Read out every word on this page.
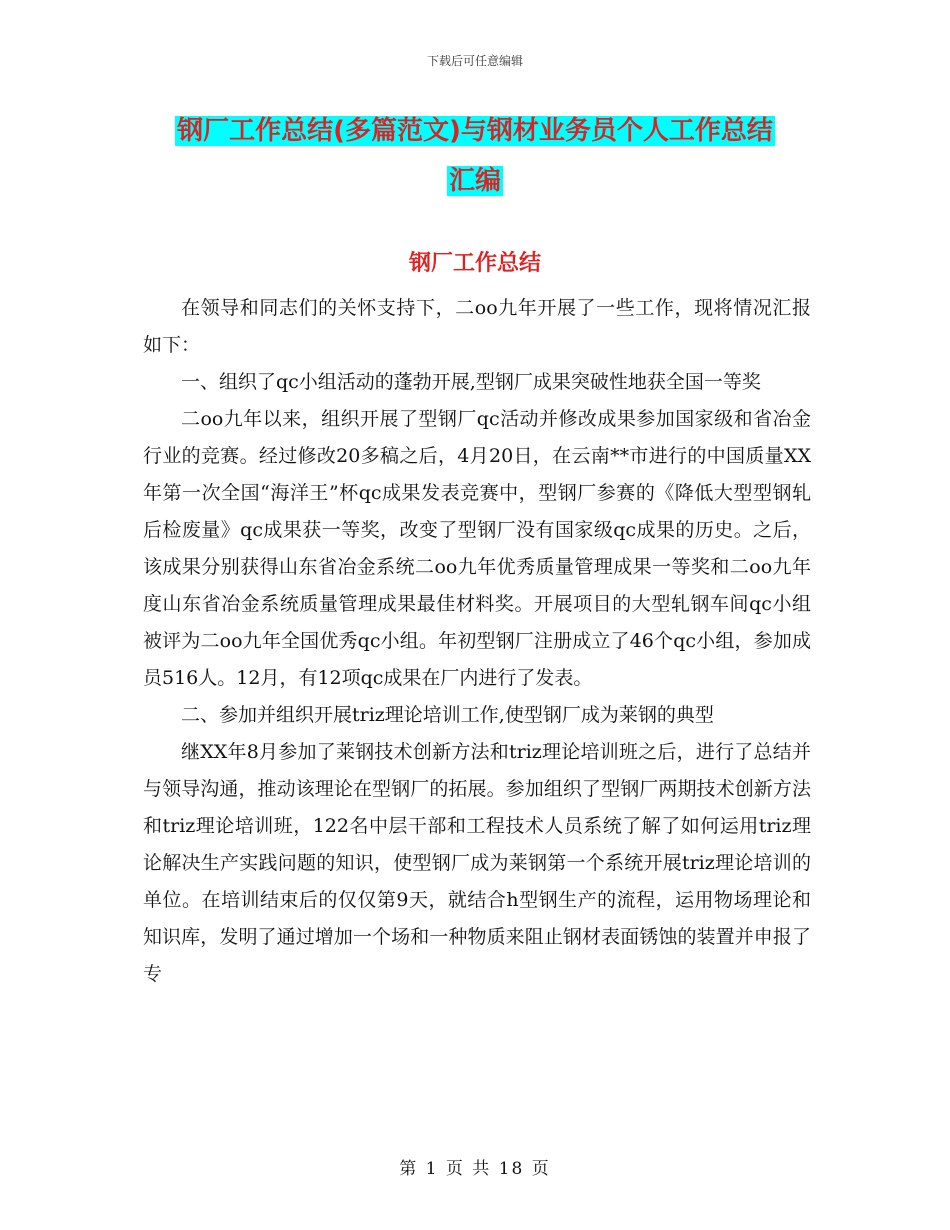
下载后可任意编辑
钢厂工作总结(多篇范文)与钢材业务员个人工作总结
汇编
钢厂工作总结

在领导和同志们的关怀支持下，二oo九年开展了一些工作，现将情况汇报如下：

一、组织了qc小组活动的蓬勃开展,型钢厂成果突破性地获全国一等奖

二oo九年以来，组织开展了型钢厂qc活动并修改成果参加国家级和省冶金行业的竞赛。经过修改20多稿之后，4月20日，在云南**市进行的中国质量XX年第一次全国“海洋王”杯qc成果发表竞赛中，型钢厂参赛的《降低大型型钢轧后检废量》qc成果获一等奖，改变了型钢厂没有国家级qc成果的历史。之后，该成果分别获得山东省冶金系统二oo九年优秀质量管理成果一等奖和二oo九年度山东省冶金系统质量管理成果最佳材料奖。开展项目的大型轧钢车间qc小组被评为二oo九年全国优秀qc小组。年初型钢厂注册成立了46个qc小组，参加成员516人。12月，有12项qc成果在厂内进行了发表。

二、参加并组织开展triz理论培训工作,使型钢厂成为莱钢的典型

继XX年8月参加了莱钢技术创新方法和triz理论培训班之后，进行了总结并与领导沟通，推动该理论在型钢厂的拓展。参加组织了型钢厂两期技术创新方法和triz理论培训班，122名中层干部和工程技术人员系统了解了如何运用triz理论解决生产实践问题的知识，使型钢厂成为莱钢第一个系统开展triz理论培训的单位。在培训结束后的仅仅第9天，就结合h型钢生产的流程，运用物场理论和知识库，发明了通过增加一个场和一种物质来阻止钢材表面锈蚀的装置并申报了专

第 1 页 共 18 页
